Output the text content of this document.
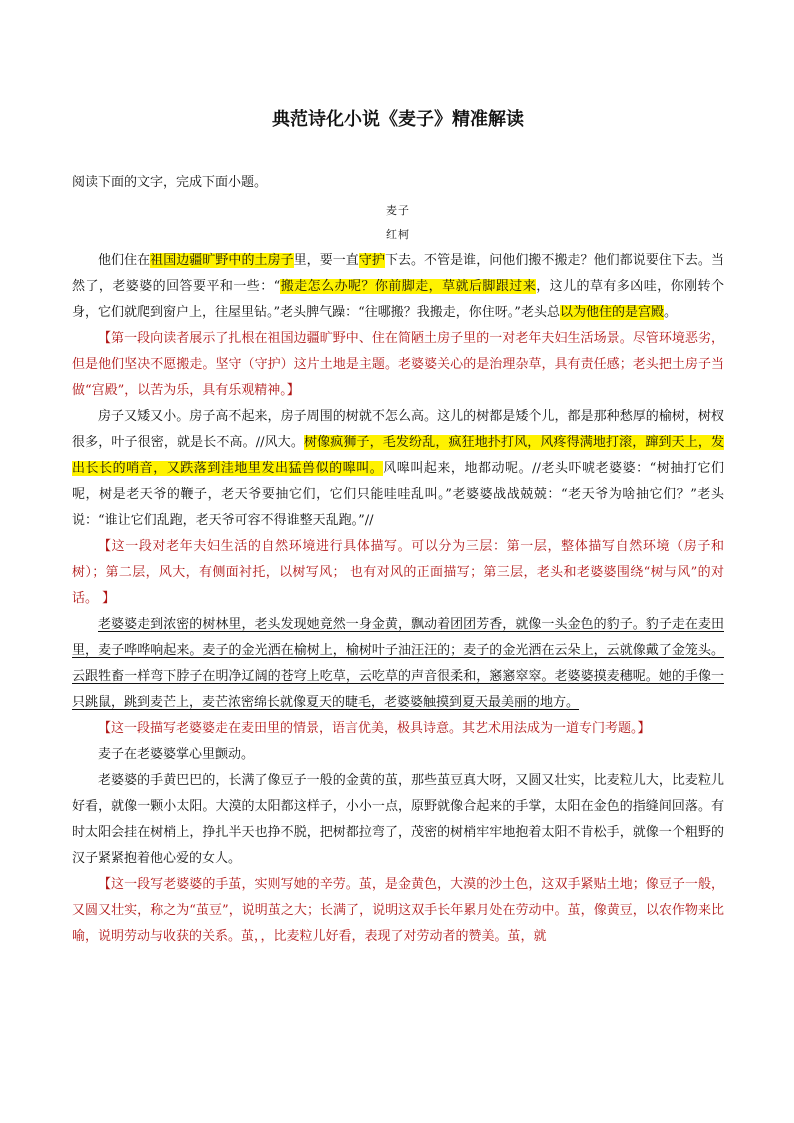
典范诗化小说《麦子》精准解读
阅读下面的文字，完成下面小题。
麦子
红柯

他们住在祖国边疆旷野中的土房子里，要一直守护下去。不管是谁，问他们搬不搬走？他们都说要住下去。当然了，老婆婆的回答要平和一些：“搬走怎么办呢？你前脚走，草就后脚跟过来，这儿的草有多凶哇，你刚转个身，它们就爬到窗户上，往屋里钻。”老头脾气躁：“往哪搬？我搬走，你住呀。”老头总以为他住的是宫殿。

【第一段向读者展示了扎根在祖国边疆旷野中、住在简陋土房子里的一对老年夫妇生活场景。尽管环境恶劣，但是他们坚决不愿搬走。坚守（守护）这片土地是主题。老婆婆关心的是治理杂草，具有责任感；老头把土房子当做“宫殿”，以苦为乐，具有乐观精神。】

房子又矮又小。房子高不起来，房子周围的树就不怎么高。这儿的树都是矮个儿，都是那种愁厚的榆树，树杈很多，叶子很密，就是长不高。//风大。树像疯狮子，毛发纷乱，疯狂地扑打风，风疼得满地打滚，蹿到天上，发出长长的哨音，又跌落到洼地里发出猛兽似的嗥叫。风嗥叫起来，地都动呢。//老头吓唬老婆婆：“树抽打它们呢，树是老天爷的鞭子，老天爷要抽它们，它们只能哇哇乱叫。”老婆婆战战兢兢：“老天爷为啥抽它们？”老头说：“谁让它们乱跑，老天爷可容不得谁整天乱跑。”//

【这一段对老年夫妇生活的自然环境进行具体描写。可以分为三层：第一层，整体描写自然环境（房子和树）；第二层，风大，有侧面衬托，以树写风； 也有对风的正面描写；第三层，老头和老婆婆围绕“树与风”的对话。 】

老婆婆走到浓密的树林里，老头发现她竟然一身金黄，飘动着团团芳香，就像一头金色的豹子。豹子走在麦田里，麦子哗哗响起来。麦子的金光洒在榆树上，榆树叶子油汪汪的；麦子的金光洒在云朵上，云就像戴了金笼头。云跟牲畜一样弯下脖子在明净辽阔的苍穹上吃草，云吃草的声音很柔和，窸窸窣窣。老婆婆摸麦穗呢。她的手像一只跳鼠，跳到麦芒上，麦芒浓密绵长就像夏天的睫毛，老婆婆触摸到夏天最美丽的地方。

【这一段描写老婆婆走在麦田里的情景，语言优美，极具诗意。其艺术用法成为一道专门考题。】

麦子在老婆婆掌心里颤动。

老婆婆的手黄巴巴的，长满了像豆子一般的金黄的茧，那些茧豆真大呀，又圆又壮实，比麦粒儿大，比麦粒儿好看，就像一颗小太阳。大漠的太阳都这样子，小小一点，原野就像合起来的手掌，太阳在金色的指缝间回落。有时太阳会挂在树梢上，挣扎半天也挣不脱，把树都拉弯了，茂密的树梢牢牢地抱着太阳不肯松手，就像一个粗野的汉子紧紧抱着他心爱的女人。

【这一段写老婆婆的手茧，实则写她的辛劳。茧，是金黄色，大漠的沙土色，这双手紧贴土地；像豆子一般，又圆又壮实，称之为“茧豆”，说明茧之大；长满了，说明这双手长年累月处在劳动中。茧，像黄豆，以农作物来比喻，说明劳动与收获的关系。茧，，比麦粒儿好看，表现了对劳动者的赞美。茧，就
